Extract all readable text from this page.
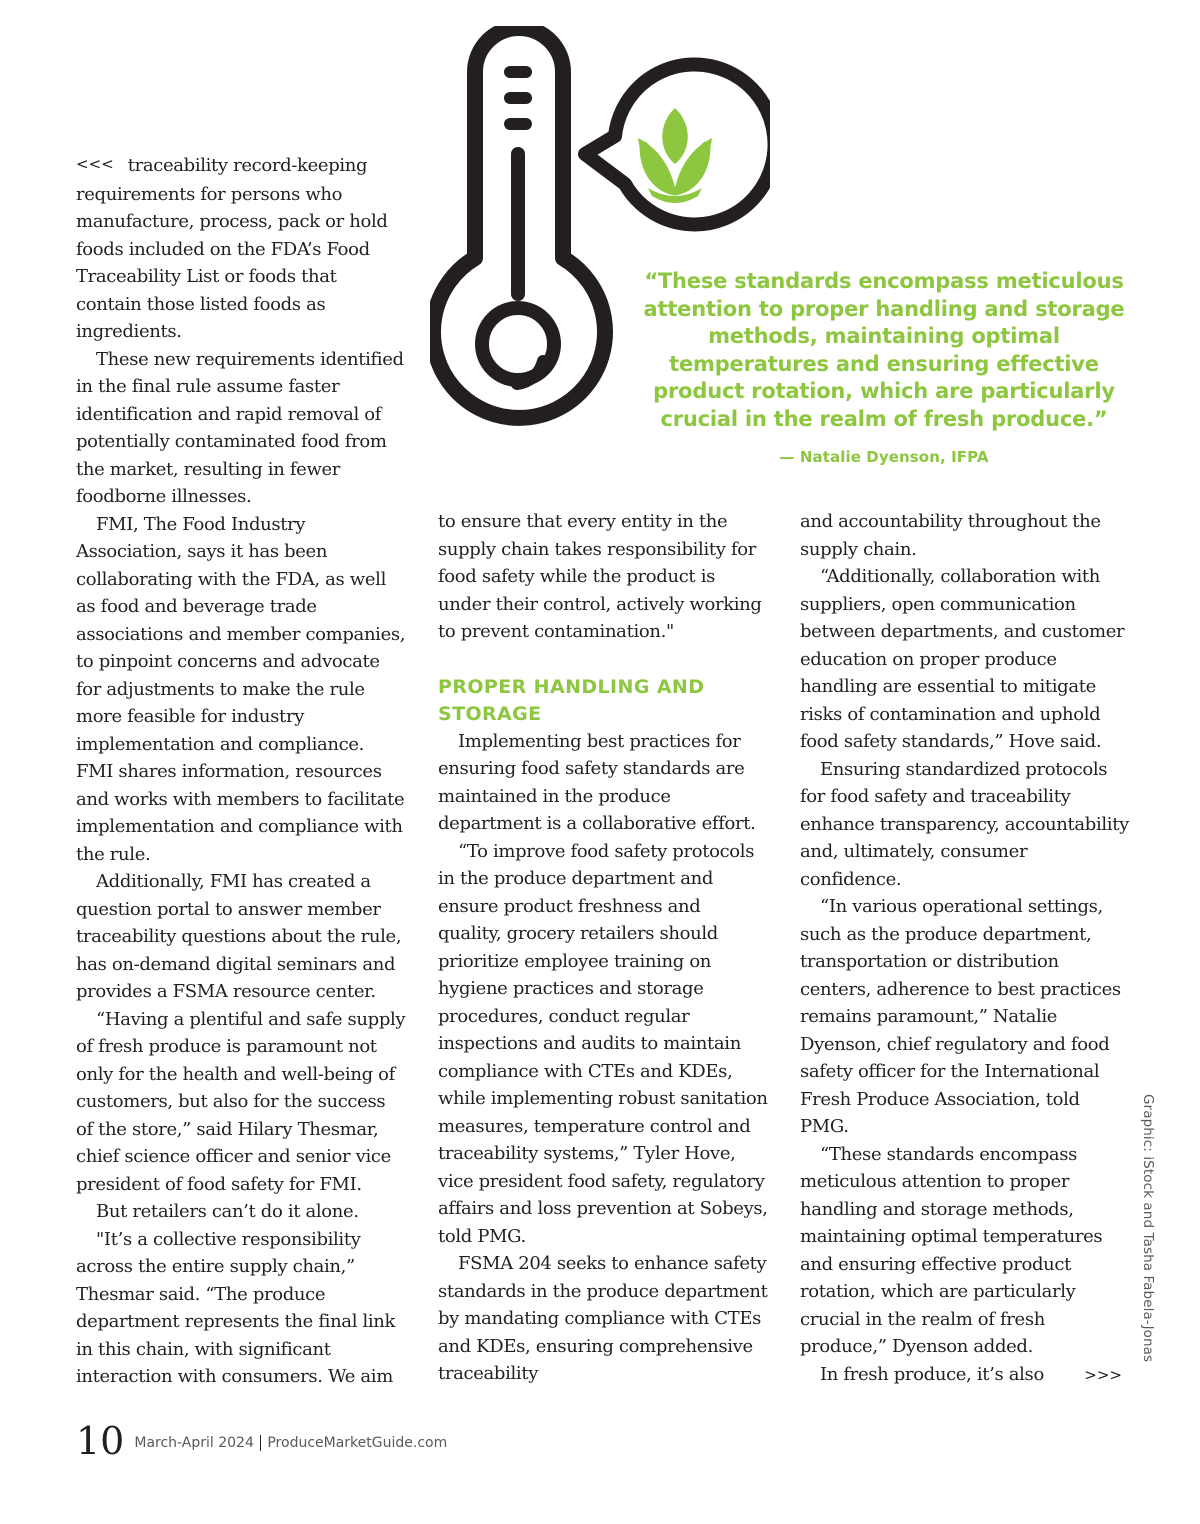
“These standards encompass meticulous attention to proper handling and storage methods, maintaining optimal temperatures and ensuring effective product rotation, which are particularly crucial in the realm of fresh produce.”
— Natalie Dyenson, IFPA

<<< traceability record-keeping requirements for persons who manufacture, process, pack or hold foods included on the FDA’s Food Traceability List or foods that contain those listed foods as ingredients.

These new requirements identified in the final rule assume faster identification and rapid removal of potentially contaminated food from the market, resulting in fewer foodborne illnesses.

FMI, The Food Industry Association, says it has been collaborating with the FDA, as well as food and beverage trade associations and member companies, to pinpoint concerns and advocate for adjustments to make the rule more feasible for industry implementation and compliance. FMI shares information, resources and works with members to facilitate implementation and compliance with the rule.

Additionally, FMI has created a question portal to answer member traceability questions about the rule, has on-demand digital seminars and provides a FSMA resource center.

“Having a plentiful and safe supply of fresh produce is paramount not only for the health and well-being of customers, but also for the success of the store,” said Hilary Thesmar, chief science officer and senior vice president of food safety for FMI.

But retailers can’t do it alone.

"It’s a collective responsibility across the entire supply chain,” Thesmar said. “The produce department represents the final link in this chain, with significant interaction with consumers. We aim

to ensure that every entity in the supply chain takes responsibility for food safety while the product is under their control, actively working to prevent contamination."

PROPER HANDLING AND STORAGE

Implementing best practices for ensuring food safety standards are maintained in the produce department is a collaborative effort.

“To improve food safety protocols in the produce department and ensure product freshness and quality, grocery retailers should prioritize employee training on hygiene practices and storage procedures, conduct regular inspections and audits to maintain compliance with CTEs and KDEs, while implementing robust sanitation measures, temperature control and traceability systems,” Tyler Hove, vice president food safety, regulatory affairs and loss prevention at Sobeys, told PMG.

FSMA 204 seeks to enhance safety standards in the produce department by mandating compliance with CTEs and KDEs, ensuring comprehensive traceability

and accountability throughout the supply chain.

“Additionally, collaboration with suppliers, open communication between departments, and customer education on proper produce handling are essential to mitigate risks of contamination and uphold food safety standards,” Hove said.

Ensuring standardized protocols for food safety and traceability enhance transparency, accountability and, ultimately, consumer confidence.

“In various operational settings, such as the produce department, transportation or distribution centers, adherence to best practices remains paramount,” Natalie Dyenson, chief regulatory and food safety officer for the International Fresh Produce Association, told PMG.

“These standards encompass meticulous attention to proper handling and storage methods, maintaining optimal temperatures and ensuring effective product rotation, which are particularly crucial in the realm of fresh produce,” Dyenson added.

In fresh produce, it’s also	>>>
Graphic: iStock and Tasha Fabela-Jonas
10 March-April 2024 ProduceMarketGuide.com
